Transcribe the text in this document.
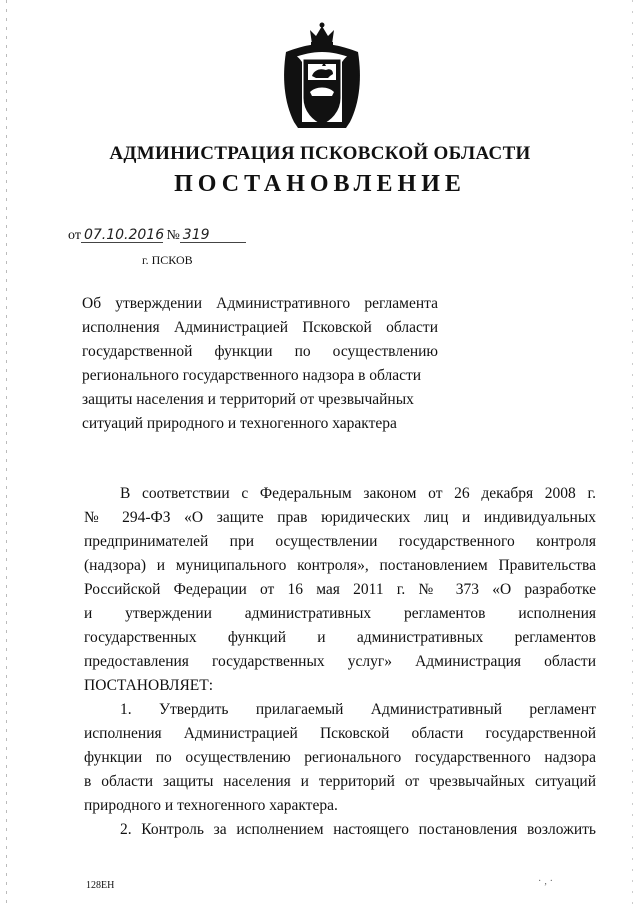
АДМИНИСТРАЦИЯ ПСКОВСКОЙ ОБЛАСТИ
ПОСТАНОВЛЕНИЕ
от 07.10.2016 № 319
г. ПСКОВ
Об утверждении Административного регламента
исполнения Администрацией Псковской области
государственной функции по осуществлению
регионального государственного надзора в области
защиты населения и территорий от чрезвычайных
ситуаций природного и техногенного характера
В соответствии с Федеральным законом от 26 декабря 2008 г.
№ 294-ФЗ «О защите прав юридических лиц и индивидуальных
предпринимателей при осуществлении государственного контроля
(надзора) и муниципального контроля», постановлением Правительства
Российской Федерации от 16 мая 2011 г. № 373 «О разработке
и утверждении административных регламентов исполнения
государственных функций и административных регламентов
предоставления государственных услуг» Администрация области
ПОСТАНОВЛЯЕТ:
1. Утвердить прилагаемый Административный регламент
исполнения Администрацией Псковской области государственной
функции по осуществлению регионального государственного надзора
в области защиты населения и территорий от чрезвычайных ситуаций
природного и техногенного характера.
2. Контроль за исполнением настоящего постановления возложить
128ЕН	· ‚ ·
